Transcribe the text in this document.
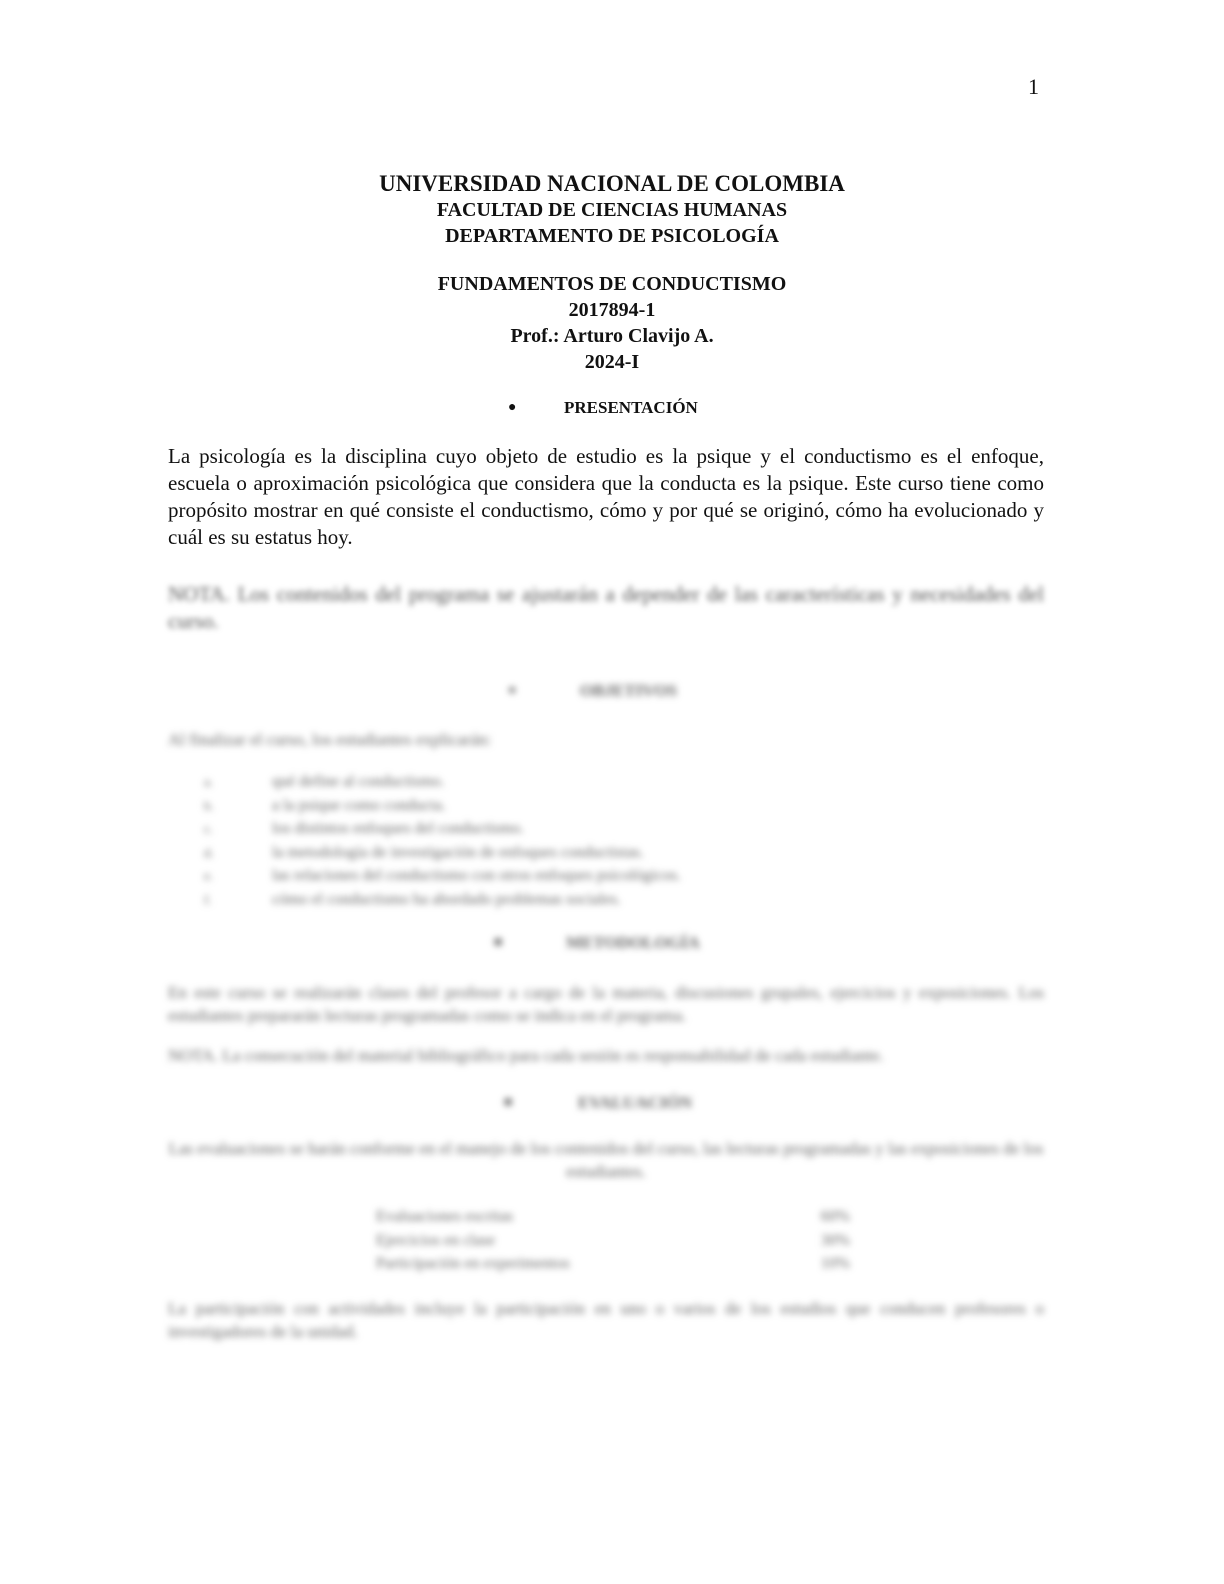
1
UNIVERSIDAD NACIONAL DE COLOMBIA
FACULTAD DE CIENCIAS HUMANAS
DEPARTAMENTO DE PSICOLOGÍA
FUNDAMENTOS DE CONDUCTISMO
2017894-1
Prof.: Arturo Clavijo A.
2024-I
●	PRESENTACIÓN

La psicología es la disciplina cuyo objeto de estudio es la psique y el conductismo es el enfoque, escuela o aproximación psicológica que considera que la conducta es la psique. Este curso tiene como propósito mostrar en qué consiste el conductismo, cómo y por qué se originó, cómo ha evolucionado y cuál es su estatus hoy.

NOTA. Los contenidos del programa se ajustarán a depender de las características y necesidades del curso.

●	OBJETIVOS

Al finalizar el curso, los estudiantes explicarán:

a.	qué define al conductismo.
b.	a la psique como conducta.
c.	los distintos enfoques del conductismo.
d.	la metodología de investigación de enfoques conductistas.
e.	las relaciones del conductismo con otros enfoques psicológicos.
f.	cómo el conductismo ha abordado problemas sociales.
■	METODOLOGÍA

En este curso se realizarán clases del profesor a cargo de la materia, discusiones grupales, ejercicios y exposiciones. Los estudiantes prepararán lecturas programadas como se indica en el programa.

NOTA. La consecución del material bibliográfico para cada sesión es responsabilidad de cada estudiante.

■	EVALUACIÓN
Las evaluaciones se harán conforme en el manejo de los contenidos del curso, las lecturas programadas y las exposiciones de los estudiantes.
Evaluaciones escritas	60%
Ejercicios en clase	30%
Participación en experimentos	10%

La participación con actividades incluye la participación en uno o varios de los estudios que conducen profesores o investigadores de la unidad.
